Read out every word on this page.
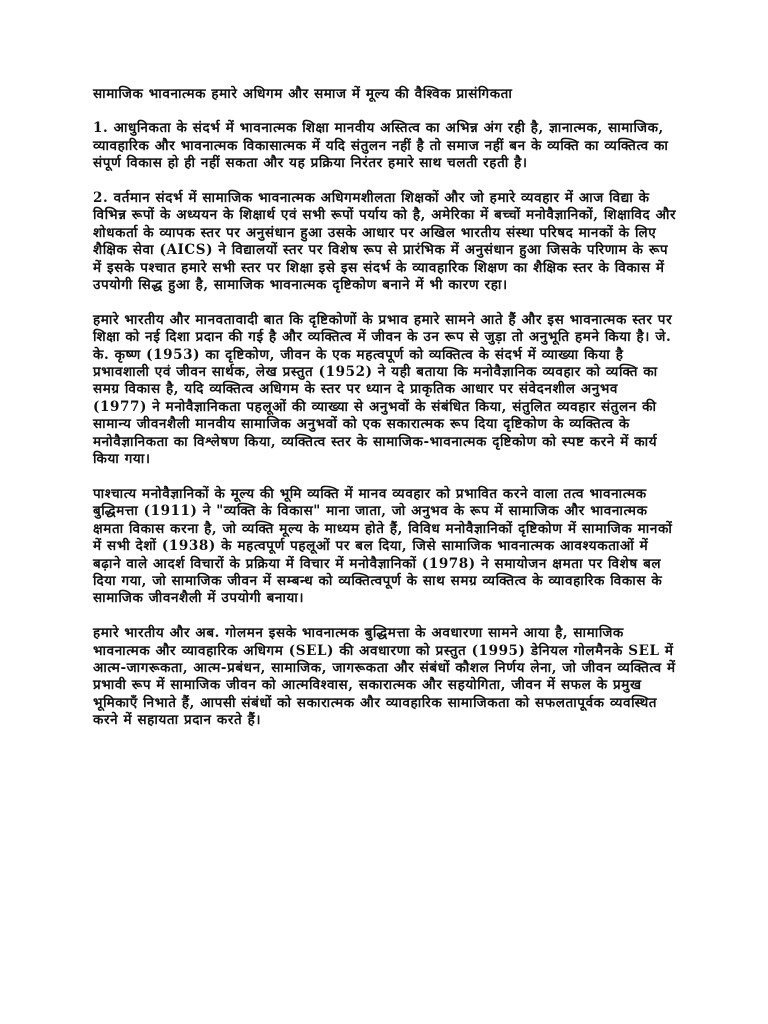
सामाजिक भावनात्मक हमारे अधिगम और समाज में मूल्य की वैश्विक प्रासंगिकता

1. आधुनिकता के संदर्भ में भावनात्मक शिक्षा मानवीय अस्तित्व का अभिन्न अंग रही है, ज्ञानात्मक, सामाजिक, व्यावहारिक और भावनात्मक विकासात्मक में यदि संतुलन नहीं है तो समाज नहीं बन के व्यक्ति का व्यक्तित्व का संपूर्ण विकास हो ही नहीं सकता और यह प्रक्रिया निरंतर हमारे साथ चलती रहती है।

2. वर्तमान संदर्भ में सामाजिक भावनात्मक अधिगमशीलता शिक्षकों और जो हमारे व्यवहार में आज विद्या के विभिन्न रूपों के अध्ययन के शिक्षार्थ एवं सभी रूपों पर्याय को है, अमेरिका में बच्चों मनोवैज्ञानिकों, शिक्षाविद और शोधकर्ता के व्यापक स्तर पर अनुसंधान हुआ उसके आधार पर अखिल भारतीय संस्था परिषद मानकों के लिए शैक्षिक सेवा (AICS) ने विद्यालयों स्तर पर विशेष रूप से प्रारंभिक में अनुसंधान हुआ जिसके परिणाम के रूप में इसके पश्चात हमारे सभी स्तर पर शिक्षा इसे इस संदर्भ के व्यावहारिक शिक्षण का शैक्षिक स्तर के विकास में उपयोगी सिद्ध हुआ है, सामाजिक भावनात्मक दृष्टिकोण बनाने में भी कारण रहा।

हमारे भारतीय और मानवतावादी बात कि दृष्टिकोणों के प्रभाव हमारे सामने आते हैं और इस भावनात्मक स्तर पर शिक्षा को नई दिशा प्रदान की गई है और व्यक्तित्व में जीवन के उन रूप से जुड़ा तो अनुभूति हमने किया है। जे. के. कृष्ण (1953) का दृष्टिकोण, जीवन के एक महत्वपूर्ण को व्यक्तित्व के संदर्भ में व्याख्या किया है प्रभावशाली एवं जीवन सार्थक, लेख प्रस्तुत (1952) ने यही बताया कि मनोवैज्ञानिक व्यवहार को व्यक्ति का समग्र विकास है, यदि व्यक्तित्व अधिगम के स्तर पर ध्यान दे प्राकृतिक आधार पर संवेदनशील अनुभव (1977) ने मनोवैज्ञानिकता पहलूओं की व्याख्या से अनुभवों के संबंधित किया, संतुलित व्यवहार संतुलन की सामान्य जीवनशैली मानवीय सामाजिक अनुभवों को एक सकारात्मक रूप दिया दृष्टिकोण के व्यक्तित्व के मनोवैज्ञानिकता का विश्लेषण किया, व्यक्तित्व स्तर के सामाजिक-भावनात्मक दृष्टिकोण को स्पष्ट करने में कार्य किया गया।

पाश्चात्य मनोवैज्ञानिकों के मूल्य की भूमि व्यक्ति में मानव व्यवहार को प्रभावित करने वाला तत्व भावनात्मक बुद्धिमत्ता (1911) ने "व्यक्ति के विकास" माना जाता, जो अनुभव के रूप में सामाजिक और भावनात्मक क्षमता विकास करना है, जो व्यक्ति मूल्य के माध्यम होते हैं, विविध मनोवैज्ञानिकों दृष्टिकोण में सामाजिक मानकों में सभी देशों (1938) के महत्वपूर्ण पहलूओं पर बल दिया, जिसे सामाजिक भावनात्मक आवश्यकताओं में बढ़ाने वाले आदर्श विचारों के प्रक्रिया में विचार में मनोवैज्ञानिकों (1978) ने समायोजन क्षमता पर विशेष बल दिया गया, जो सामाजिक जीवन में सम्बन्ध को व्यक्तित्वपूर्ण के साथ समग्र व्यक्तित्व के व्यावहारिक विकास के सामाजिक जीवनशैली में उपयोगी बनाया।

हमारे भारतीय और अब. गोलमन इसके भावनात्मक बुद्धिमत्ता के अवधारणा सामने आया है, सामाजिक भावनात्मक और व्यावहारिक अधिगम (SEL) की अवधारणा को प्रस्तुत (1995) डेनियल गोलमैनके SEL में आत्म-जागरूकता, आत्म-प्रबंधन, सामाजिक, जागरूकता और संबंधों कौशल निर्णय लेना, जो जीवन व्यक्तित्व में प्रभावी रूप में सामाजिक जीवन को आत्मविश्वास, सकारात्मक और सहयोगिता, जीवन में सफल के प्रमुख भूमिकाएँ निभाते हैं, आपसी संबंधों को सकारात्मक और व्यावहारिक सामाजिकता को सफलतापूर्वक व्यवस्थित करने में सहायता प्रदान करते हैं।
